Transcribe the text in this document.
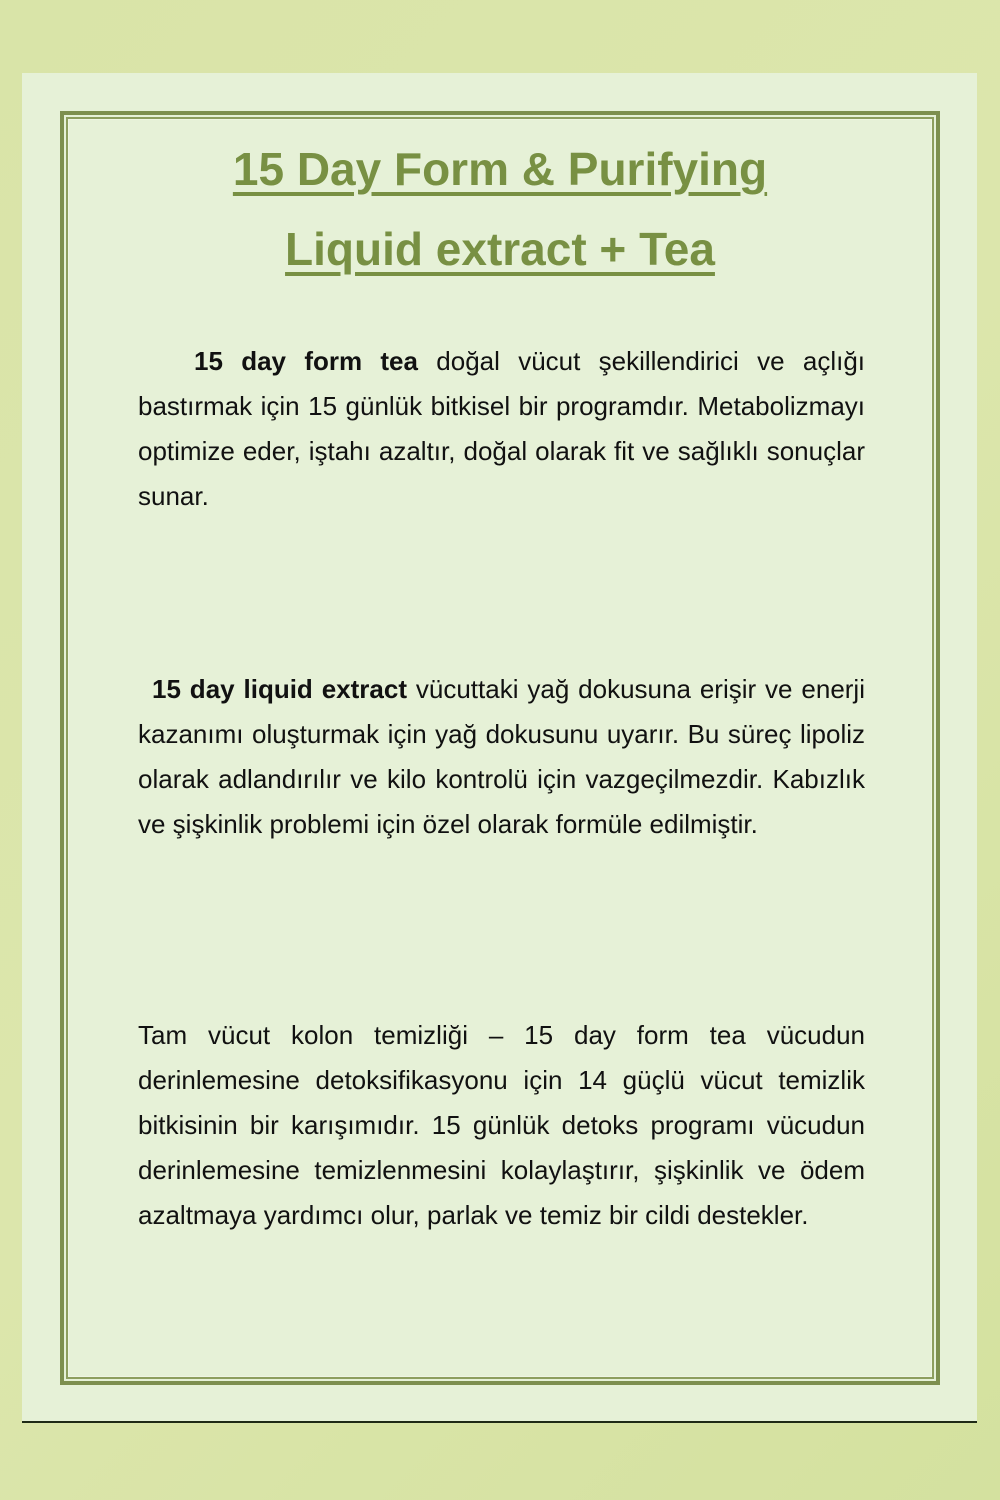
15 Day Form & Purifying
Liquid extract + Tea

15 day form tea doğal vücut şekillendirici ve açlığı bastırmak için 15 günlük bitkisel bir programdır. Metabolizmayı optimize eder, iştahı azaltır, doğal olarak fit ve sağlıklı sonuçlar sunar.

15 day liquid extract vücuttaki yağ dokusuna erişir ve enerji kazanımı oluşturmak için yağ dokusunu uyarır. Bu süreç lipoliz olarak adlandırılır ve kilo kontrolü için vazgeçilmezdir. Kabızlık ve şişkinlik problemi için özel olarak formüle edilmiştir.

Tam vücut kolon temizliği – 15 day form tea vücudun derinlemesine detoksifikasyonu için 14 güçlü vücut temizlik bitkisinin bir karışımıdır. 15 günlük detoks programı vücudun derinlemesine temizlenmesini kolaylaştırır, şişkinlik ve ödem azaltmaya yardımcı olur, parlak ve temiz bir cildi destekler.
